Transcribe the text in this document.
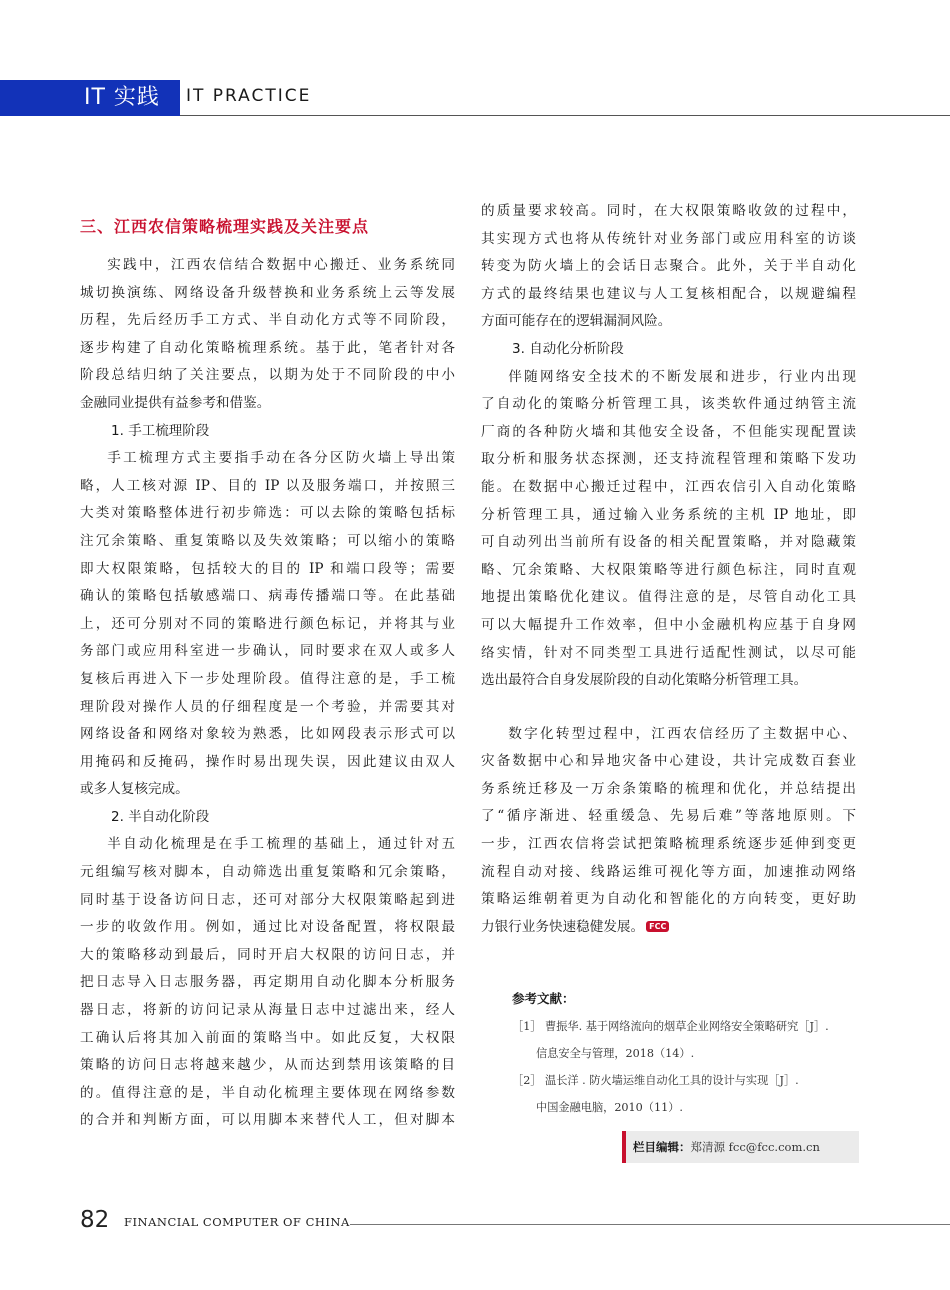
IT 实践 IT PRACTICE
三、江西农信策略梳理实践及关注要点

实践中，江西农信结合数据中心搬迁、业务系统同

城切换演练、网络设备升级替换和业务系统上云等发展

历程，先后经历手工方式、半自动化方式等不同阶段，

逐步构建了自动化策略梳理系统。基于此，笔者针对各

阶段总结归纳了关注要点，以期为处于不同阶段的中小

金融同业提供有益参考和借鉴。

1. 手工梳理阶段

手工梳理方式主要指手动在各分区防火墙上导出策

略，人工核对源 IP、目的 IP 以及服务端口，并按照三

大类对策略整体进行初步筛选：可以去除的策略包括标

注冗余策略、重复策略以及失效策略；可以缩小的策略

即大权限策略，包括较大的目的 IP 和端口段等；需要

确认的策略包括敏感端口、病毒传播端口等。在此基础

上，还可分别对不同的策略进行颜色标记，并将其与业

务部门或应用科室进一步确认，同时要求在双人或多人

复核后再进入下一步处理阶段。值得注意的是，手工梳

理阶段对操作人员的仔细程度是一个考验，并需要其对

网络设备和网络对象较为熟悉，比如网段表示形式可以

用掩码和反掩码，操作时易出现失误，因此建议由双人

或多人复核完成。

2. 半自动化阶段

半自动化梳理是在手工梳理的基础上，通过针对五

元组编写核对脚本，自动筛选出重复策略和冗余策略，

同时基于设备访问日志，还可对部分大权限策略起到进

一步的收敛作用。例如，通过比对设备配置，将权限最

大的策略移动到最后，同时开启大权限的访问日志，并

把日志导入日志服务器，再定期用自动化脚本分析服务

器日志，将新的访问记录从海量日志中过滤出来，经人

工确认后将其加入前面的策略当中。如此反复，大权限

策略的访问日志将越来越少，从而达到禁用该策略的目

的。值得注意的是，半自动化梳理主要体现在网络参数

的合并和判断方面，可以用脚本来替代人工，但对脚本

的质量要求较高。同时，在大权限策略收敛的过程中，

其实现方式也将从传统针对业务部门或应用科室的访谈

转变为防火墙上的会话日志聚合。此外，关于半自动化

方式的最终结果也建议与人工复核相配合，以规避编程

方面可能存在的逻辑漏洞风险。

3. 自动化分析阶段

伴随网络安全技术的不断发展和进步，行业内出现

了自动化的策略分析管理工具，该类软件通过纳管主流

厂商的各种防火墙和其他安全设备，不但能实现配置读

取分析和服务状态探测，还支持流程管理和策略下发功

能。在数据中心搬迁过程中，江西农信引入自动化策略

分析管理工具，通过输入业务系统的主机 IP 地址，即

可自动列出当前所有设备的相关配置策略，并对隐藏策

略、冗余策略、大权限策略等进行颜色标注，同时直观

地提出策略优化建议。值得注意的是，尽管自动化工具

可以大幅提升工作效率，但中小金融机构应基于自身网

络实情，针对不同类型工具进行适配性测试，以尽可能

选出最符合自身发展阶段的自动化策略分析管理工具。

数字化转型过程中，江西农信经历了主数据中心、

灾备数据中心和异地灾备中心建设，共计完成数百套业

务系统迁移及一万余条策略的梳理和优化，并总结提出

了“循序渐进、轻重缓急、先易后难”等落地原则。下

一步，江西农信将尝试把策略梳理系统逐步延伸到变更

流程自动对接、线路运维可视化等方面，加速推动网络

策略运维朝着更为自动化和智能化的方向转变，更好助

力银行业务快速稳健发展。 FCC

参考文献：
［1］ 曹振华. 基于网络流向的烟草企业网络安全策略研究［J］.
信息安全与管理，2018（14）.
［2］ 温长洋 . 防火墙运维自动化工具的设计与实现［J］.
中国金融电脑，2010（11）.
栏目编辑：郑清源 fcc@fcc.com.cn
82 FINANCIAL COMPUTER OF CHINA
